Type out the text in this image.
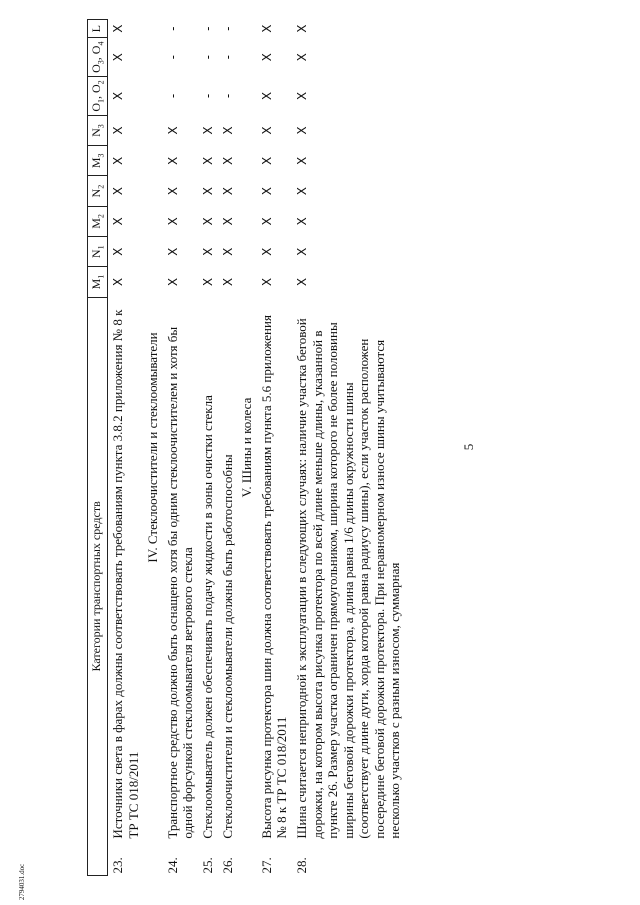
5
2794031.doc
Категории транспортных средств		$M_1$	$N_1$	$M_2$	$N_2$	$M_3$	$N_3$	$O_1$, $O_2$	$O_3$, $O_4$	L
23.	Источники света в фарах должны соответствовать требованиям пункта 3.8.2 приложения № 8 к ТР ТС 018/2011	X	X	X	X	X	X	X	X	X
IV. Стеклоочистители и стеклоомыватели										
24.	Транспортное средство должно быть оснащено хотя бы одним стеклоочистителем и хотя бы одной форсункой стеклоомывателя ветрового стекла	X	X	X	X	X	X	-	-	-
25.	Стеклоомыватель должен обеспечивать подачу жидкости в зоны очистки стекла	X	X	X	X	X	X	-	-	-
26.	Стеклоочистители и стеклоомыватели должны быть работоспособны	X	X	X	X	X	X	-	-	-
V. Шины и колеса										
27.	Высота рисунка протектора шин должна соответствовать требованиям пункта 5.6 приложения № 8 к ТР ТС 018/2011	X	X	X	X	X	X	X	X	X
28.	Шина считается непригодной к эксплуатации в следующих случаях: наличие участка беговой дорожки, на котором высота рисунка протектора по всей длине меньше длины, указанной в пункте 26. Размер участка ограничен прямоугольником, ширина которого не более половины ширины беговой дорожки протектора, а длина равна 1/6 длины окружности шины (соответствует длине дуги, хорда которой равна радиусу шины), если участок расположен посередине беговой дорожки протектора. При неравномерном износе шины учитываются несколько участков с разным износом, суммарная	X	X	X	X	X	X	X	X	X
